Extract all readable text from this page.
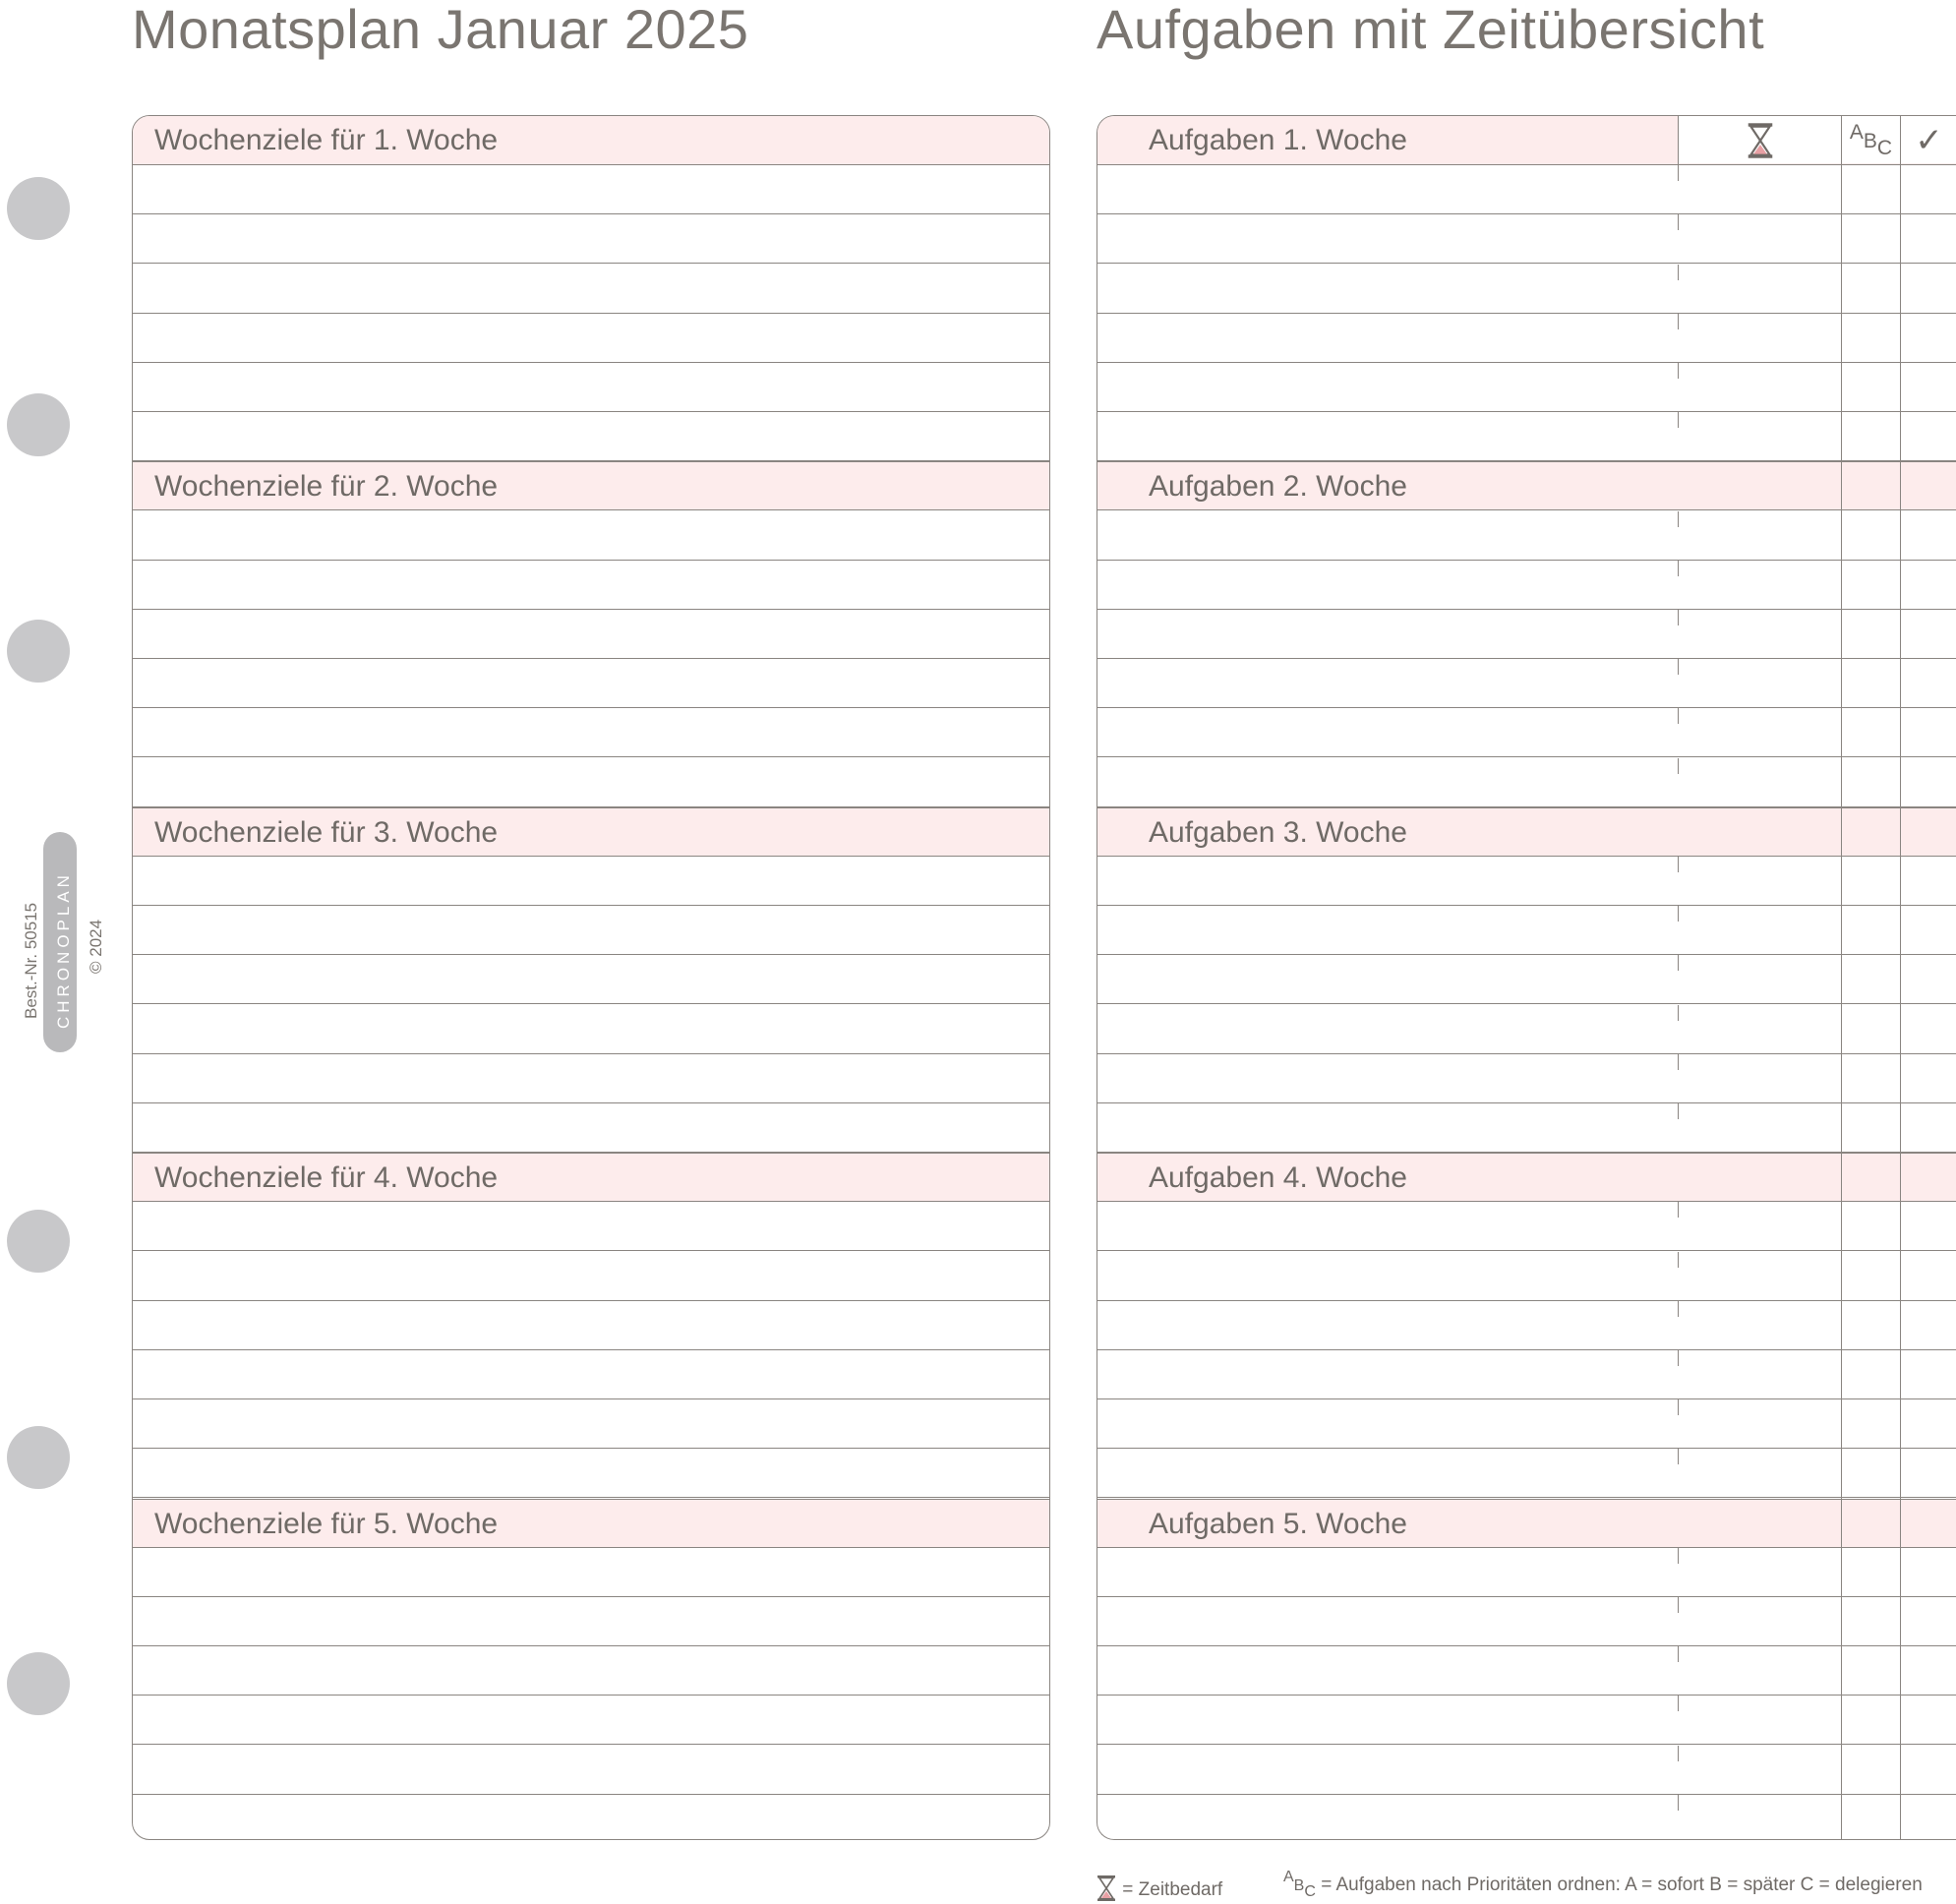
Monatsplan Januar 2025	Aufgaben mit Zeitübersicht
Best.-Nr. 50515 CHRONOPLAN © 2024
Wochenziele für 1. Woche
Wochenziele für 2. Woche
Wochenziele für 3. Woche
Wochenziele für 4. Woche
Wochenziele für 5. Woche
Aufgaben 1. Woche
Aufgaben 2. Woche
Aufgaben 3. Woche
Aufgaben 4. Woche
Aufgaben 5. Woche
ABC ✓
= Zeitbedarf
$^AB_C$ = Aufgaben nach Prioritäten ordnen: A = sofort B = später C = delegieren
